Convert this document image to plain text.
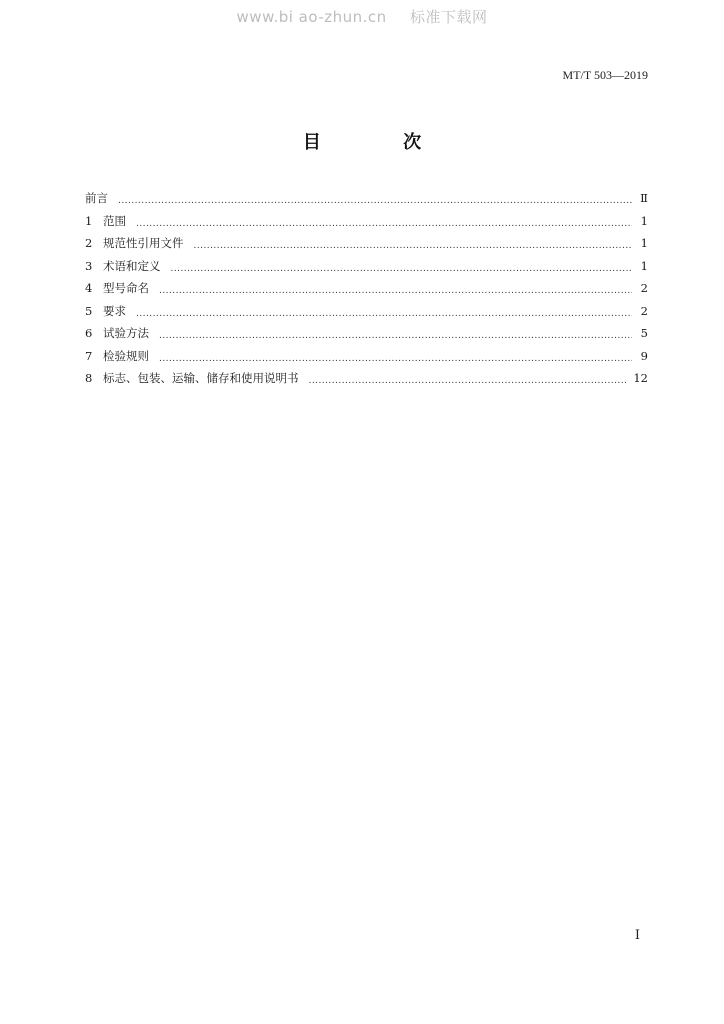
www.bi ao-zhun.cn 标准下载网
MT/T 503—2019
目 次
前言 . . .	Ⅱ
1 范围 . . .	1
2 规范性引用文件 . . .	1
3 术语和定义 . . .	1
4 型号命名 . . .	2
5 要求 . . .	2
6 试验方法 . . .	5
7 检验规则 . . .	9
8 标志、包装、运输、储存和使用说明书 . . .	12
Ⅰ
